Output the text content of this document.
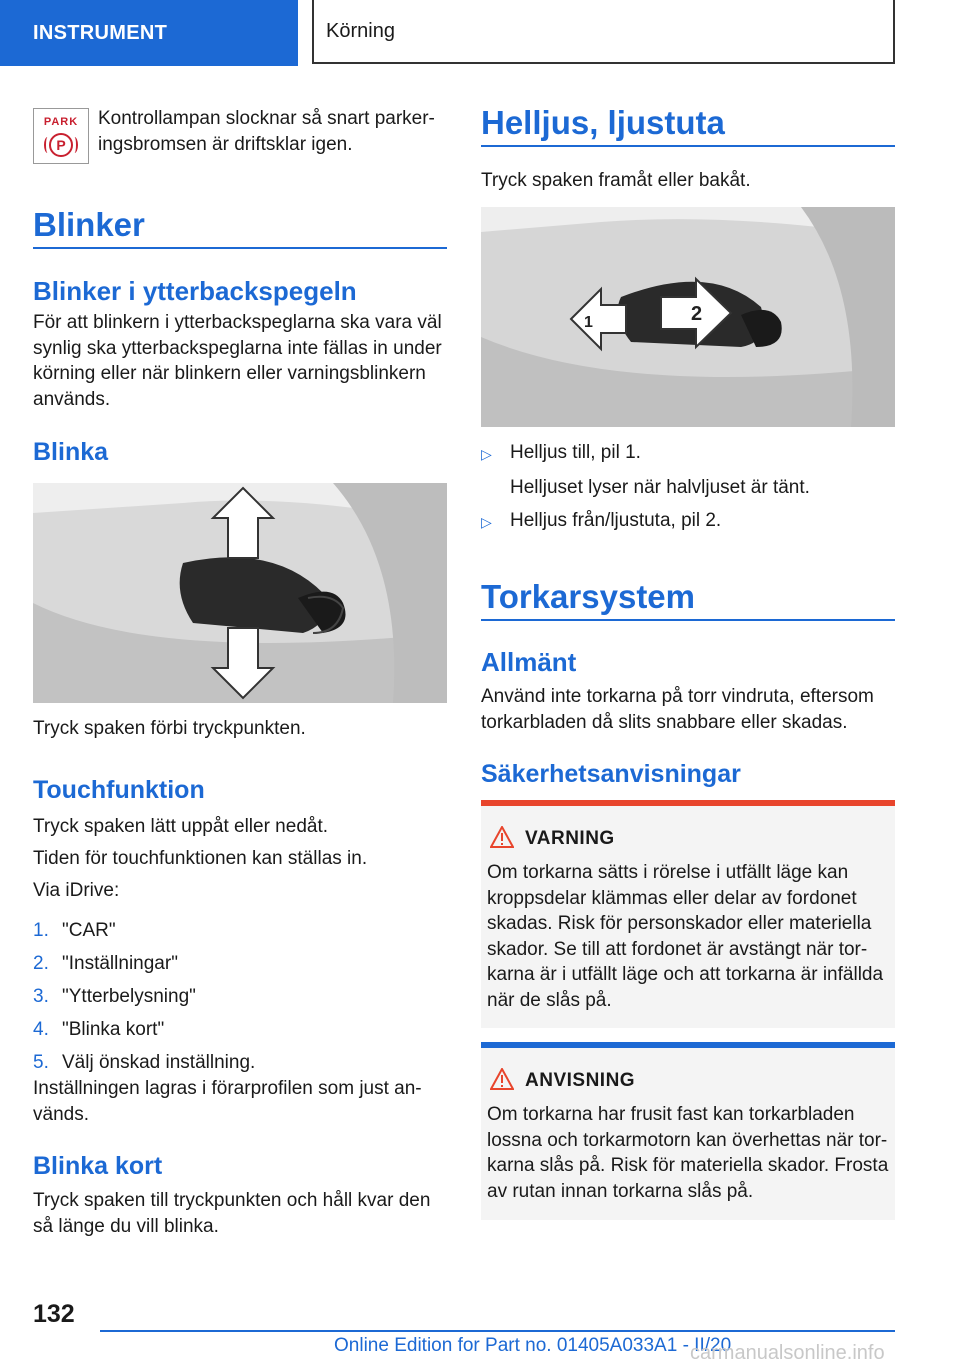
INSTRUMENT	Körning
PARK
P
Kontrollampan slocknar så snart parker-
ingsbromsen är driftsklar igen.
Blinker
Blinker i ytterbackspegeln
För att blinkern i ytterbackspeglarna ska vara väl
synlig ska ytterbackspeglarna inte fällas in under
körning eller när blinkern eller varningsblinkern
används.
Blinka
Tryck spaken förbi tryckpunkten.
Touchfunktion
Tryck spaken lätt uppåt eller nedåt.
Tiden för touchfunktionen kan ställas in.
Via iDrive:
1. "CAR"
2. "Inställningar"
3. "Ytterbelysning"
4. "Blinka kort"
5. Välj önskad inställning.
Inställningen lagras i förarprofilen som just an-
vänds.
Blinka kort
Tryck spaken till tryckpunkten och håll kvar den
så länge du vill blinka.
Helljus, ljustuta
Tryck spaken framåt eller bakåt.
1	2
▷ Helljus till, pil 1.
Helljuset lyser när halvljuset är tänt.
▷ Helljus från/ljustuta, pil 2.
Torkarsystem
Allmänt
Använd inte torkarna på torr vindruta, eftersom
torkarbladen då slits snabbare eller skadas.
Säkerhetsanvisningar
VARNING
Om torkarna sätts i rörelse i utfällt läge kan
kroppsdelar klämmas eller delar av fordonet
skadas. Risk för personskador eller materiella
skador. Se till att fordonet är avstängt när tor-
karna är i utfällt läge och att torkarna är infällda
när de slås på.
ANVISNING
Om torkarna har frusit fast kan torkarbladen
lossna och torkarmotorn kan överhettas när tor-
karna slås på. Risk för materiella skador. Frosta
av rutan innan torkarna slås på.
132
Online Edition for Part no. 01405A033A1 - II/20
carmanualsonline.info
